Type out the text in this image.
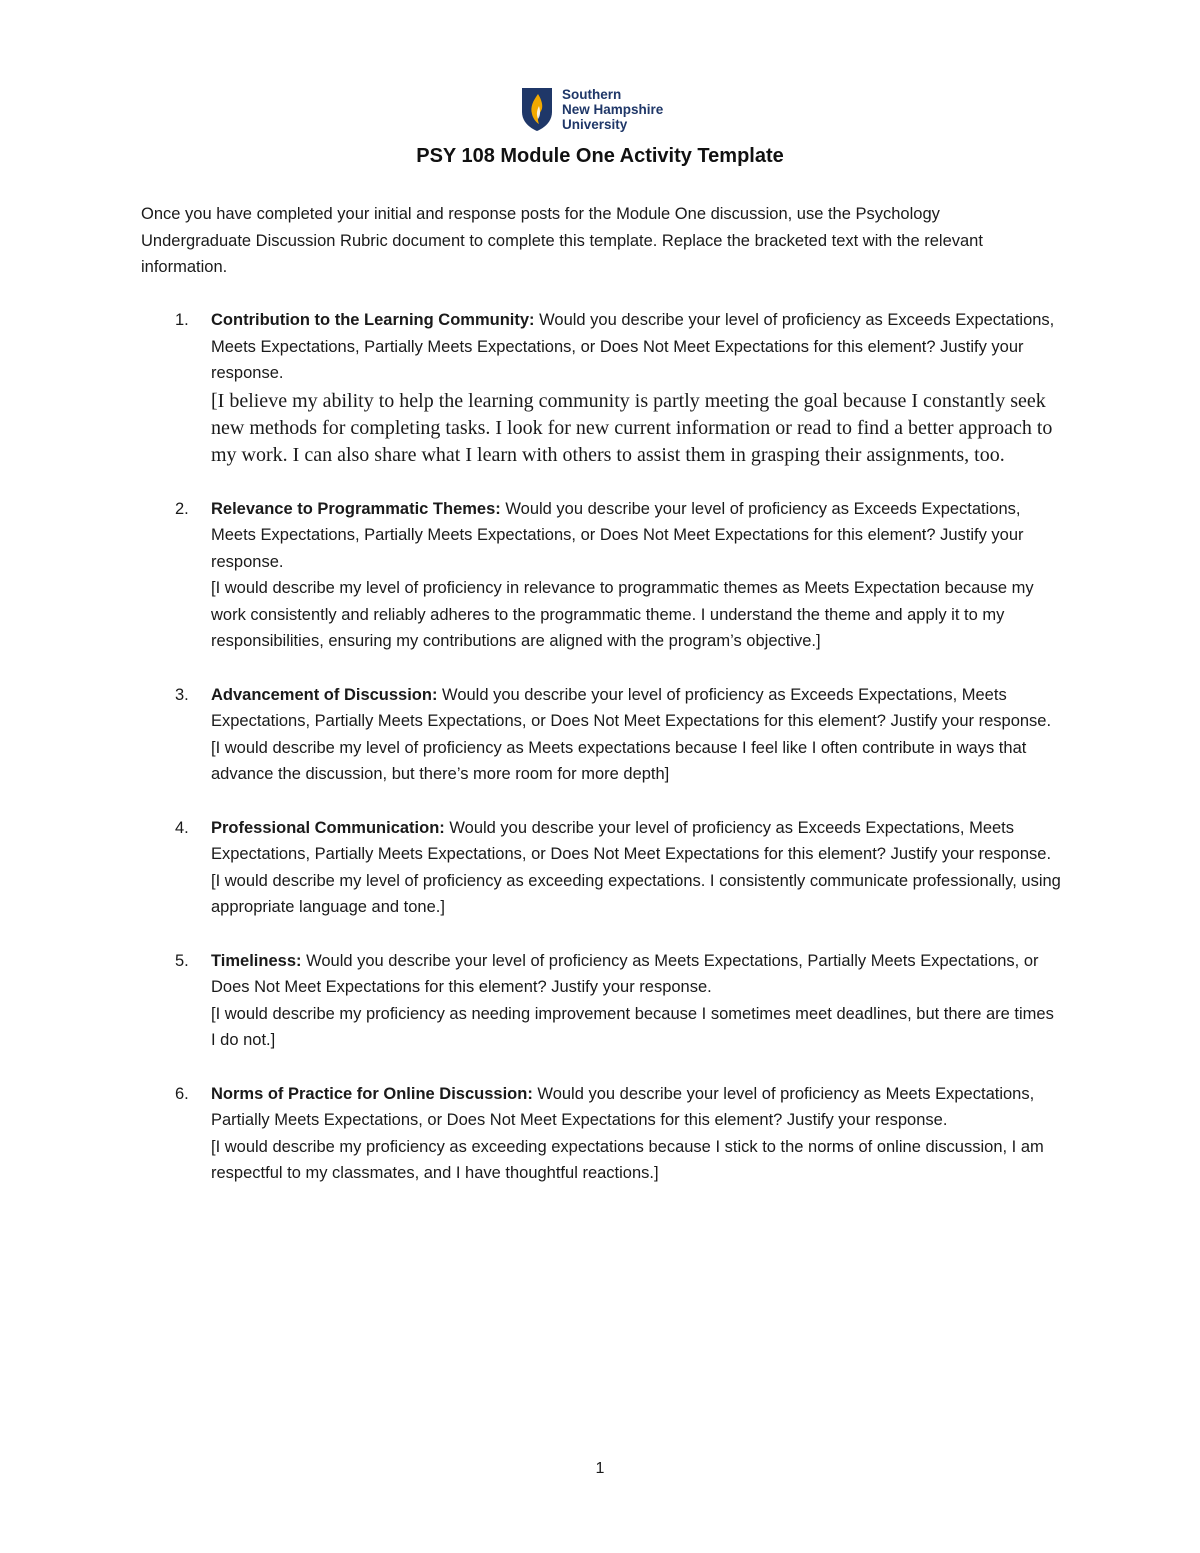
Southern
New Hampshire
University
PSY 108 Module One Activity Template
Once you have completed your initial and response posts for the Module One discussion, use the Psychology Undergraduate Discussion Rubric document to complete this template. Replace the bracketed text with the relevant information.
1. Contribution to the Learning Community: Would you describe your level of proficiency as Exceeds Expectations, Meets Expectations, Partially Meets Expectations, or Does Not Meet Expectations for this element? Justify your response.
[I believe my ability to help the learning community is partly meeting the goal because I constantly seek new methods for completing tasks. I look for new current information or read to find a better approach to my work. I can also share what I learn with others to assist them in grasping their assignments, too.
2. Relevance to Programmatic Themes: Would you describe your level of proficiency as Exceeds Expectations, Meets Expectations, Partially Meets Expectations, or Does Not Meet Expectations for this element? Justify your response.
[I would describe my level of proficiency in relevance to programmatic themes as Meets Expectation because my work consistently and reliably adheres to the programmatic theme. I understand the theme and apply it to my responsibilities, ensuring my contributions are aligned with the program’s objective.]
3. Advancement of Discussion: Would you describe your level of proficiency as Exceeds Expectations, Meets Expectations, Partially Meets Expectations, or Does Not Meet Expectations for this element? Justify your response.
[I would describe my level of proficiency as Meets expectations because I feel like I often contribute in ways that advance the discussion, but there’s more room for more depth]
4. Professional Communication: Would you describe your level of proficiency as Exceeds Expectations, Meets Expectations, Partially Meets Expectations, or Does Not Meet Expectations for this element? Justify your response.
[I would describe my level of proficiency as exceeding expectations. I consistently communicate professionally, using appropriate language and tone.]
5. Timeliness: Would you describe your level of proficiency as Meets Expectations, Partially Meets Expectations, or Does Not Meet Expectations for this element? Justify your response.
[I would describe my proficiency as needing improvement because I sometimes meet deadlines, but there are times I do not.]
6. Norms of Practice for Online Discussion: Would you describe your level of proficiency as Meets Expectations, Partially Meets Expectations, or Does Not Meet Expectations for this element? Justify your response.
[I would describe my proficiency as exceeding expectations because I stick to the norms of online discussion, I am respectful to my classmates, and I have thoughtful reactions.]
1
